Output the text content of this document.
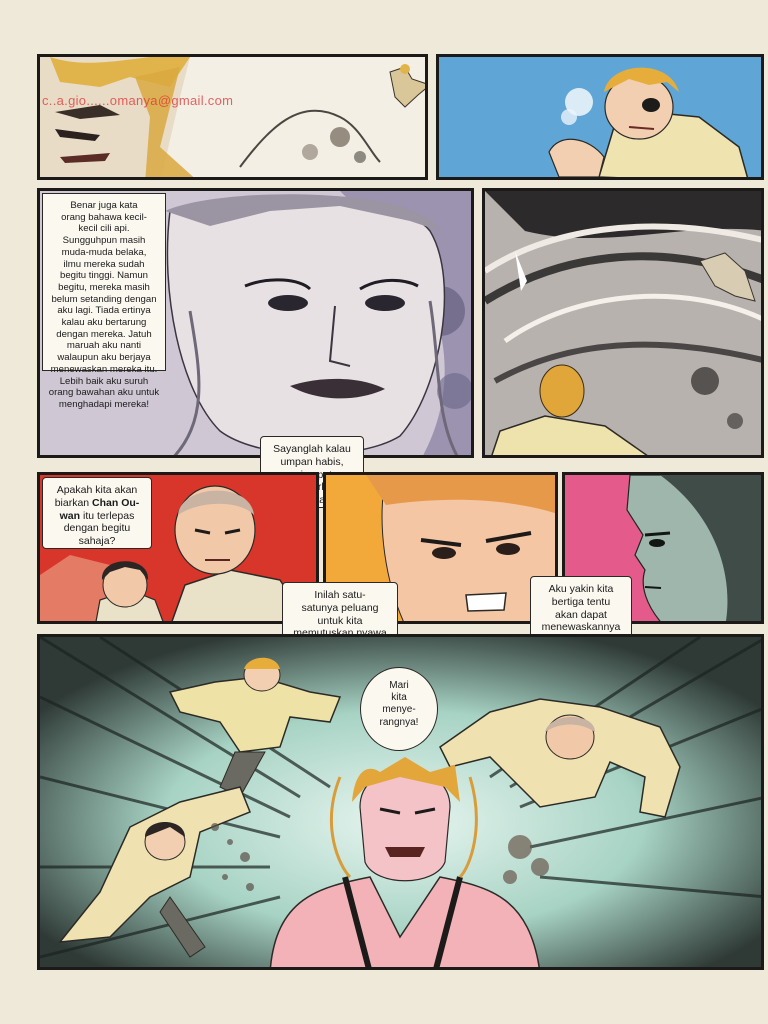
c..a.gio......omanya@gmail.com
Benar juga kata
orang bahawa kecil-
kecil cili api.
Sungguhpun masih
muda-muda belaka,
ilmu mereka sudah
begitu tinggi. Namun
begitu, mereka masih
belum setanding dengan
aku lagi. Tiada ertinya
kalau aku bertarung
dengan mereka. Jatuh
maruah aku nanti
walaupun aku berjaya
menewaskan mereka itu.
Lebih baik aku suruh
orang bawahan aku untuk
menghadapi mereka!
Sayanglah kalau
umpan habis,
Apakah kita akan
biarkan Chan Ou-
wan itu terlepas
dengan begitu
sahaja?
Inilah satu-
satunya peluang
untuk kita
Aku yakin kita
bertiga tentu
akan dapat
menewaskannya
Mari
kita
menye-
rangnya!
